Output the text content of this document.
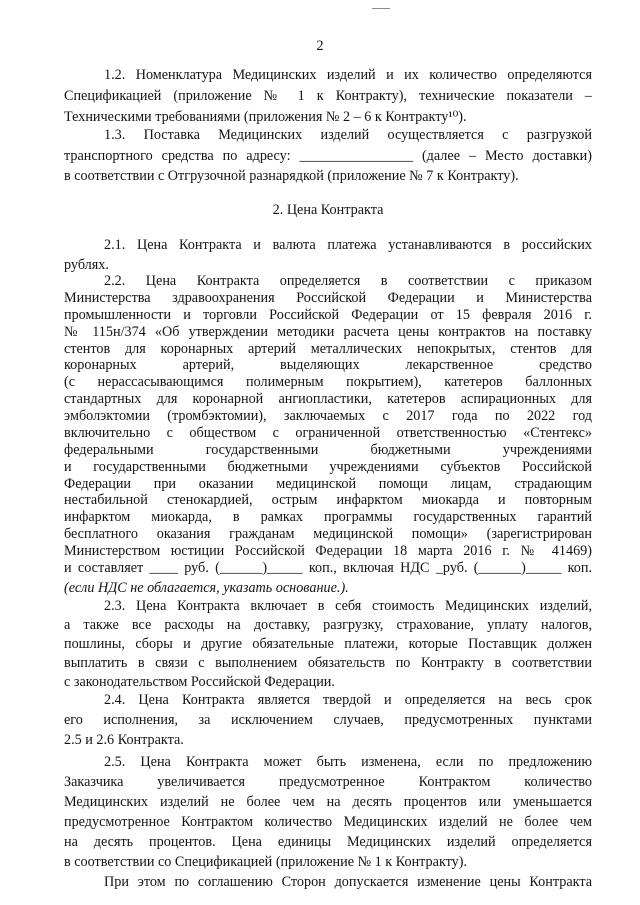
2
1.2. Номенклатура Медицинских изделий и их количество определяются
Спецификацией (приложение № 1 к Контракту), технические показатели –
Техническими требованиями (приложения № 2 – 6 к Контракту¹⁰).
1.3. Поставка Медицинских изделий осуществляется с разгрузкой
транспортного средства по адресу: ________________ (далее – Место доставки)
в соответствии с Отгрузочной разнарядкой (приложение № 7 к Контракту).
2. Цена Контракта
2.1. Цена Контракта и валюта платежа устанавливаются в российских
рублях.
2.2. Цена Контракта определяется в соответствии с приказом
Министерства здравоохранения Российской Федерации и Министерства
промышленности и торговли Российской Федерации от 15 февраля 2016 г.
№ 115н/374 «Об утверждении методики расчета цены контрактов на поставку
стентов для коронарных артерий металлических непокрытых, стентов для
коронарных артерий, выделяющих лекарственное средство
(с нерассасывающимся полимерным покрытием), катетеров баллонных
стандартных для коронарной ангиопластики, катетеров аспирационных для
эмболэктомии (тромбэктомии), заключаемых с 2017 года по 2022 год
включительно с обществом с ограниченной ответственностью «Стентекс»
федеральными государственными бюджетными учреждениями
и государственными бюджетными учреждениями субъектов Российской
Федерации при оказании медицинской помощи лицам, страдающим
нестабильной стенокардией, острым инфарктом миокарда и повторным
инфарктом миокарда, в рамках программы государственных гарантий
бесплатного оказания гражданам медицинской помощи» (зарегистрирован
Министерством юстиции Российской Федерации 18 марта 2016 г. № 41469)
и составляет ____ руб. (______)_____ коп., включая НДС _руб. (______)_____ коп.
(если НДС не облагается, указать основание.).
2.3. Цена Контракта включает в себя стоимость Медицинских изделий,
а также все расходы на доставку, разгрузку, страхование, уплату налогов,
пошлины, сборы и другие обязательные платежи, которые Поставщик должен
выплатить в связи с выполнением обязательств по Контракту в соответствии
с законодательством Российской Федерации.
2.4. Цена Контракта является твердой и определяется на весь срок
его исполнения, за исключением случаев, предусмотренных пунктами
2.5 и 2.6 Контракта.
2.5. Цена Контракта может быть изменена, если по предложению
Заказчика увеличивается предусмотренное Контрактом количество
Медицинских изделий не более чем на десять процентов или уменьшается
предусмотренное Контрактом количество Медицинских изделий не более чем
на десять процентов. Цена единицы Медицинских изделий определяется
в соответствии со Спецификацией (приложение № 1 к Контракту).
При этом по соглашению Сторон допускается изменение цены Контракта
